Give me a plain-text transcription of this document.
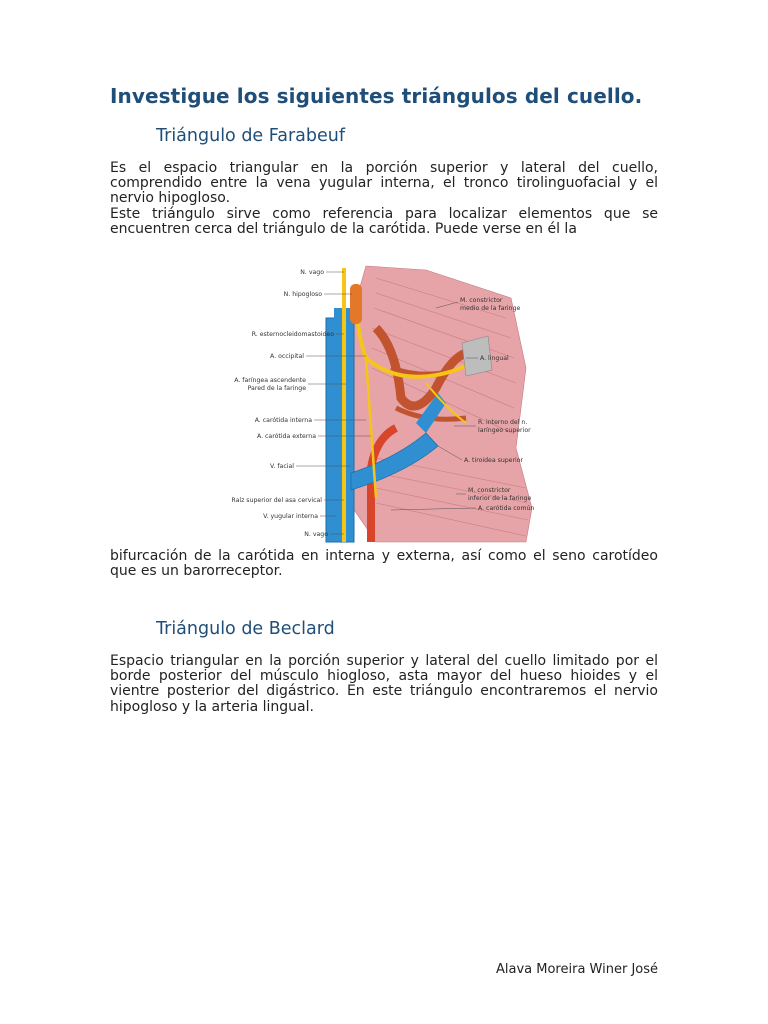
Investigue los siguientes triángulos del cuello.
Triángulo de Farabeuf

Es el espacio triangular en la porción superior y lateral del cuello, comprendido entre la vena yugular interna, el tronco tirolinguofacial y el nervio hipogloso.

Este triángulo sirve como referencia para localizar elementos que se encuentren cerca del triángulo de la carótida. Puede verse en él la

N. vago
N. hipogloso
R. esternocleidomastoideo
A. occipital
A. faríngea ascendente
Pared de la faringe
A. carótida interna
A. carótida externa
V. facial
Raíz superior del asa cervical
V. yugular interna
N. vago
M. constrictor
medio de la faringe
A. lingual
R. interno del n.
laríngeo superior
A. tiroidea superior
M. constrictor
inferior de la faringe
A. carótida común

bifurcación de la carótida en interna y externa, así como el seno carotídeo que es un barorreceptor.

Triángulo de Beclard

Espacio triangular en la porción superior y lateral del cuello limitado por el borde posterior del músculo hiogloso, asta mayor del hueso hioides y el vientre posterior del digástrico. En este triángulo encontraremos el nervio hipogloso y la arteria lingual.

Alava Moreira Winer José
